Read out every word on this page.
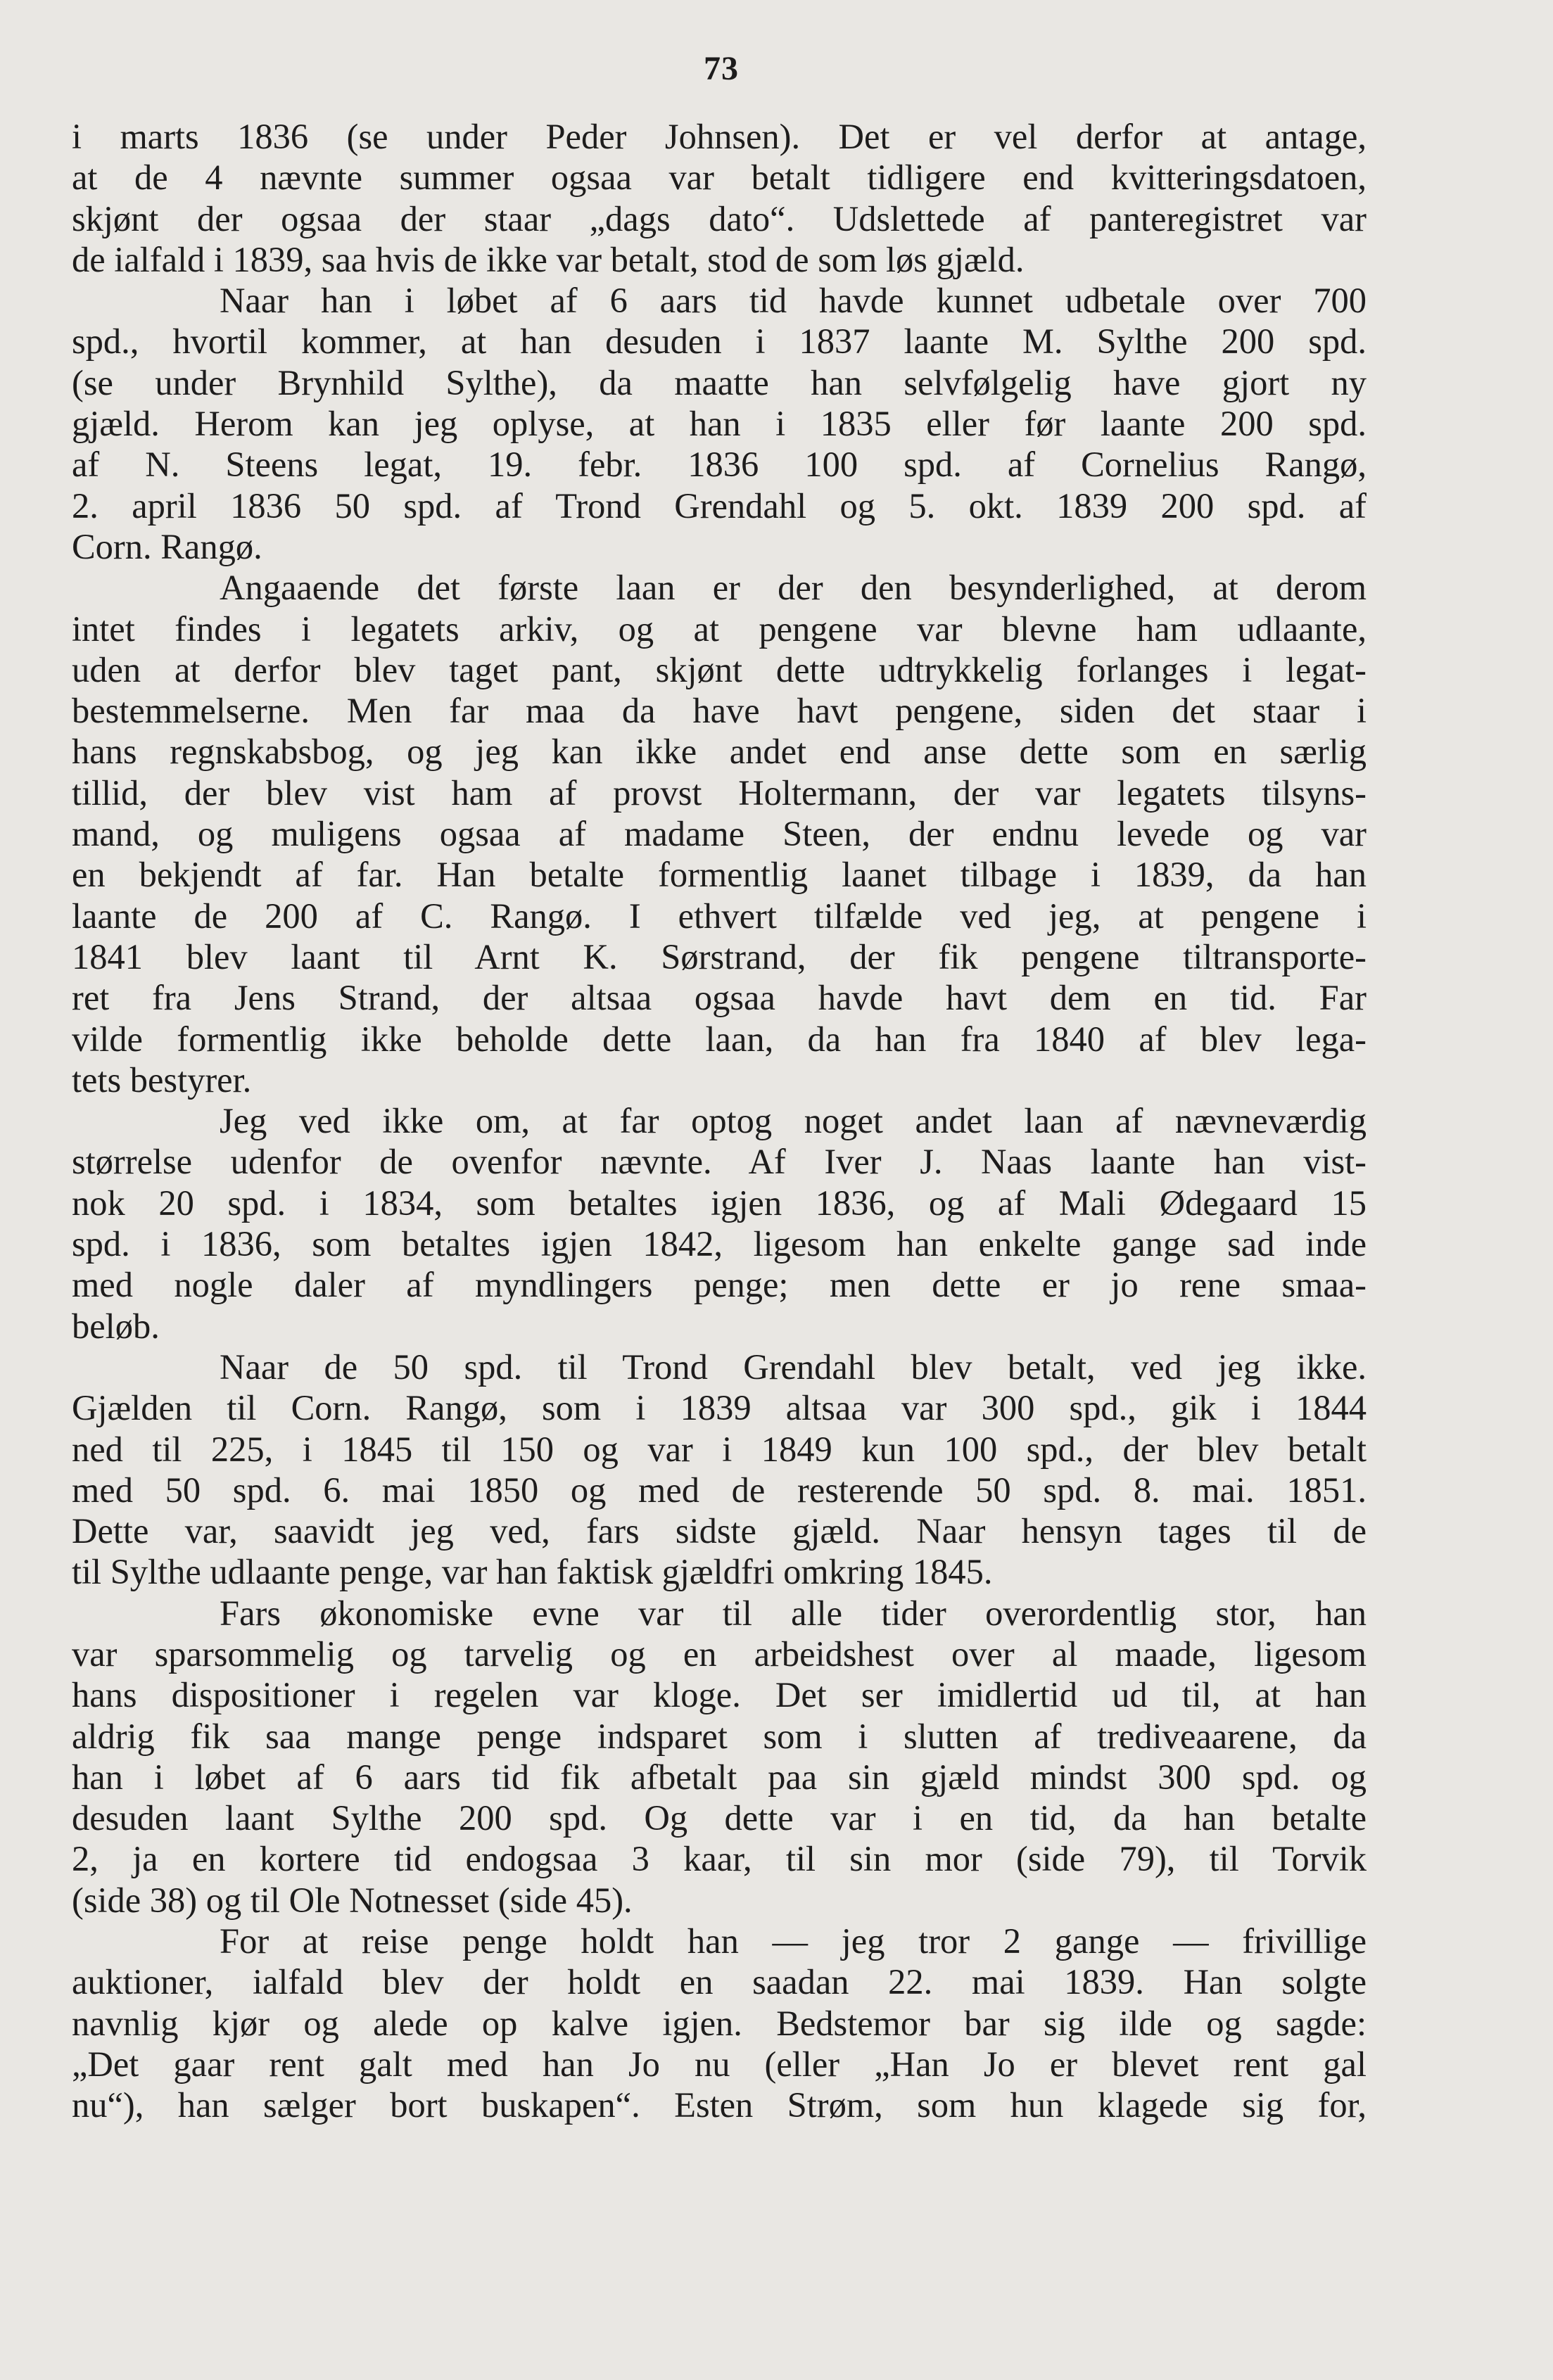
73
i marts 1836 (se under Peder Johnsen). Det er vel derfor at antage,
at de 4 nævnte summer ogsaa var betalt tidligere end kvitteringsdatoen,
skjønt der ogsaa der staar „dags dato“. Udslettede af panteregistret var
de ialfald i 1839, saa hvis de ikke var betalt, stod de som løs gjæld.
Naar han i løbet af 6 aars tid havde kunnet udbetale over 700
spd., hvortil kommer, at han desuden i 1837 laante M. Sylthe 200 spd.
(se under Brynhild Sylthe), da maatte han selvfølgelig have gjort ny
gjæld. Herom kan jeg oplyse, at han i 1835 eller før laante 200 spd.
af N. Steens legat, 19. febr. 1836 100 spd. af Cornelius Rangø,
2. april 1836 50 spd. af Trond Grendahl og 5. okt. 1839 200 spd. af
Corn. Rangø.
Angaaende det første laan er der den besynderlighed, at derom
intet findes i legatets arkiv, og at pengene var blevne ham udlaante,
uden at derfor blev taget pant, skjønt dette udtrykkelig forlanges i legat-
bestemmelserne. Men far maa da have havt pengene, siden det staar i
hans regnskabsbog, og jeg kan ikke andet end anse dette som en særlig
tillid, der blev vist ham af provst Holtermann, der var legatets tilsyns-
mand, og muligens ogsaa af madame Steen, der endnu levede og var
en bekjendt af far. Han betalte formentlig laanet tilbage i 1839, da han
laante de 200 af C. Rangø. I ethvert tilfælde ved jeg, at pengene i
1841 blev laant til Arnt K. Sørstrand, der fik pengene tiltransporte-
ret fra Jens Strand, der altsaa ogsaa havde havt dem en tid. Far
vilde formentlig ikke beholde dette laan, da han fra 1840 af blev lega-
tets bestyrer.
Jeg ved ikke om, at far optog noget andet laan af nævneværdig
størrelse udenfor de ovenfor nævnte. Af Iver J. Naas laante han vist-
nok 20 spd. i 1834, som betaltes igjen 1836, og af Mali Ødegaard 15
spd. i 1836, som betaltes igjen 1842, ligesom han enkelte gange sad inde
med nogle daler af myndlingers penge; men dette er jo rene smaa-
beløb.
Naar de 50 spd. til Trond Grendahl blev betalt, ved jeg ikke.
Gjælden til Corn. Rangø, som i 1839 altsaa var 300 spd., gik i 1844
ned til 225, i 1845 til 150 og var i 1849 kun 100 spd., der blev betalt
med 50 spd. 6. mai 1850 og med de resterende 50 spd. 8. mai. 1851.
Dette var, saavidt jeg ved, fars sidste gjæld. Naar hensyn tages til de
til Sylthe udlaante penge, var han faktisk gjældfri omkring 1845.
Fars økonomiske evne var til alle tider overordentlig stor, han
var sparsommelig og tarvelig og en arbeidshest over al maade, ligesom
hans dispositioner i regelen var kloge. Det ser imidlertid ud til, at han
aldrig fik saa mange penge indsparet som i slutten af trediveaarene, da
han i løbet af 6 aars tid fik afbetalt paa sin gjæld mindst 300 spd. og
desuden laant Sylthe 200 spd. Og dette var i en tid, da han betalte
2, ja en kortere tid endogsaa 3 kaar, til sin mor (side 79), til Torvik
(side 38) og til Ole Notnesset (side 45).
For at reise penge holdt han — jeg tror 2 gange — frivillige
auktioner, ialfald blev der holdt en saadan 22. mai 1839. Han solgte
navnlig kjør og alede op kalve igjen. Bedstemor bar sig ilde og sagde:
„Det gaar rent galt med han Jo nu (eller „Han Jo er blevet rent gal
nu“), han sælger bort buskapen“. Esten Strøm, som hun klagede sig for,
